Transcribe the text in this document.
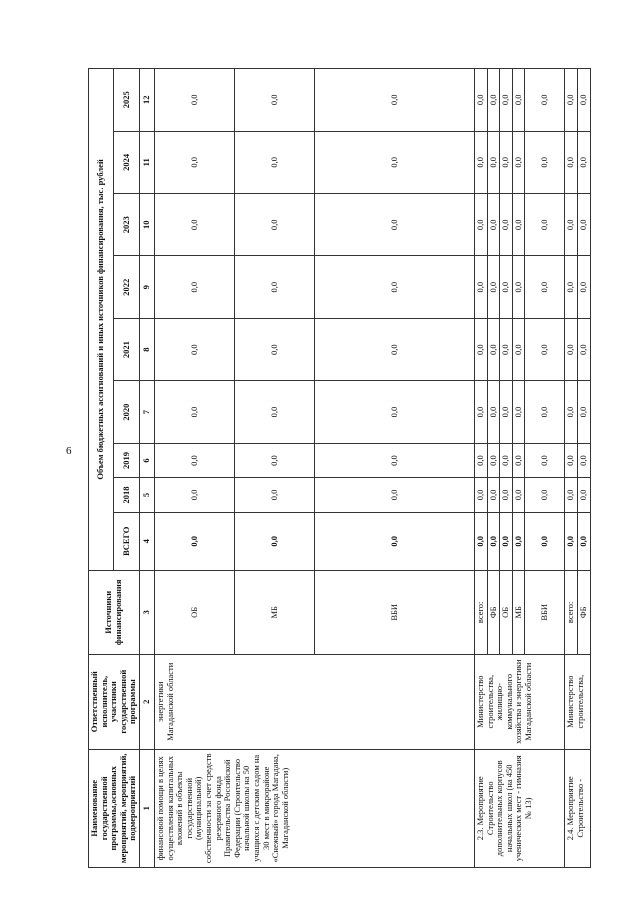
6
Наименование государственной программы,основных мероприятий, мероприятий, подмероприятий	Ответственный исполнитель, участники государственной программы	Источники финансирования	Объем бюджетных ассигнований и иных источников финансирования, тыс. рублей								
			ВСЕГО	2018	2019	2020	2021	2022	2023	2024	2025
1	2	3	4	5	6	7	8	9	10	11	12
финансовой помощи в целях осуществления капитальных вложений в объекты государственной (муниципальной) собственности за счет средств резервного фонда Правительства Российской Федерации (Строительство начальной школы на 50 учащихся с детским садом на 30 мест в микрорайоне «Снежный» города Магадана, Магаданской области)	энергетики Магаданской области	ОБ	0,0	0,0	0,0	0,0	0,0	0,0	0,0	0,0	0,0
		МБ	0,0	0,0	0,0	0,0	0,0	0,0	0,0	0,0	0,0
		ВБИ	0,0	0,0	0,0	0,0	0,0	0,0	0,0	0,0	0,0
2.3. Мероприятие Строительство дополнительных корпусов начальных школ (на 450 ученических мест - гимназия № 13)	Министерство строительства, жилищно-коммунального хозяйства и энергетики Магаданской области	всего:	0,0	0,0	0,0	0,0	0,0	0,0	0,0	0,0	0,0
		ФБ	0,0	0,0	0,0	0,0	0,0	0,0	0,0	0,0	0,0
		ОБ	0,0	0,0	0,0	0,0	0,0	0,0	0,0	0,0	0,0
		МБ	0,0	0,0	0,0	0,0	0,0	0,0	0,0	0,0	0,0
		ВБИ	0,0	0,0	0,0	0,0	0,0	0,0	0,0	0,0	0,0
2.4. Мероприятие Строительство -	Министерство строительства,	всего:	0,0	0,0	0,0	0,0	0,0	0,0	0,0	0,0	0,0
		ФБ	0,0	0,0	0,0	0,0	0,0	0,0	0,0	0,0	0,0
